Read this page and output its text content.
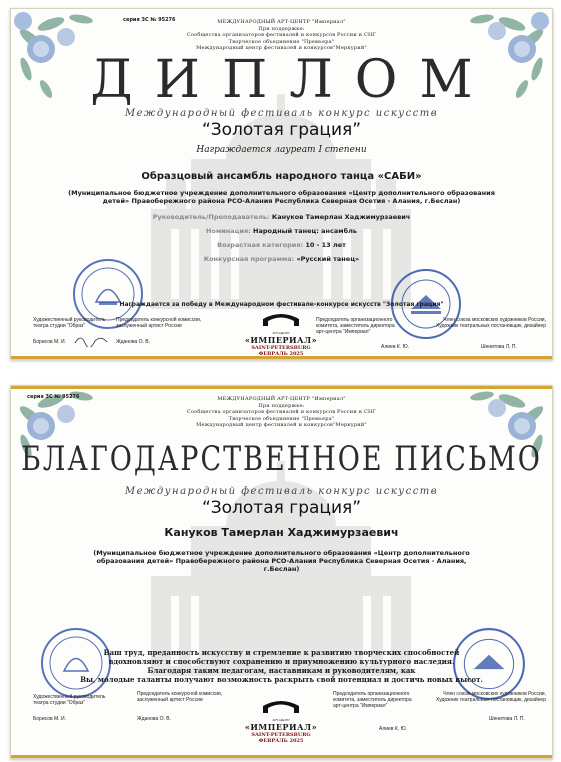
серия ЗС № 95276	МЕЖДУНАРОДНЫЙ АРТ-ЦЕНТР "Империал"
При поддержке:
Сообщества организаторов фестивалей и конкурсов России и СНГ
Творческое объединение "Премьера"
Международный центр фестивалей и конкурсов"Меркурий"
ДИПЛОМ
Международный фестиваль конкурс искусств
“Золотая грация”
Награждается лауреат I степени
Образцовый ансамбль народного танца «САБИ»
(Муниципальное бюджетное учреждение дополнительного образования «Центр дополнительного образования
детей» Правобережного района РСО-Алания Республика Северная Осетия - Алания, г.Беслан)
Руководитель/Преподаватель: Кануков Тамерлан Хаджимурзаевич
Номинация: Народный танец: ансамбль
Возрастная категория: 10 - 13 лет
Конкурсная программа: «Русский танец»
Награждается за победу в Международном фестивале-конкурсе искусств "Золотая грация"
Художественный руководитель
театра студии "Образ"
Борисов М. И.
Председатель конкурсной комиссии,
заслуженный артист России
Жданова О. В.
Председатель организационного
комитета, заместитель директора
арт-центра "Империал"
Алиев К. Ю.
Член союза московских художников России,
Художник театральных постановщик, дизайнер
Шенитова Л. П.
АРТ-ЦЕНТР
«ИМПЕРИАЛ»
SAINT-PETERSBURG
ФЕВРАЛЬ 2025
серия ЗС № 95276	МЕЖДУНАРОДНЫЙ АРТ-ЦЕНТР "Империал"
При поддержке:
Сообщества организаторов фестивалей и конкурсов России и СНГ
Творческое объединение "Премьера"
Международный центр фестивалей и конкурсов"Меркурий"
БЛАГОДАРСТВЕННОЕ ПИСЬМО
Международный фестиваль конкурс искусств
“Золотая грация”
Кануков Тамерлан Хаджимурзаевич
(Муниципальное бюджетное учреждение дополнительного образования «Центр дополнительного
образования детей» Правобережного района РСО-Алания Республика Северная Осетия - Алания,
г.Беслан)
Ваш труд, преданность искусству и стремление к развитию творческих способностей
вдохновляют и способствуют сохранению и приумножению культурного наследия.
Благодаря таким педагогам, наставникам и руководителям, как
Вы, молодые таланты получают возможность раскрыть свой потенциал и достичь новых высот.
Художественный руководитель
театра студии "Образ"
Борисов М. И.
Председатель конкурсной комиссии,
заслуженный артист России
Жданова О. В.
Председатель организационного
комитета, заместитель директора
арт-центра "Империал"
Алиев К. Ю.
Член союза московских художников России,
Художник театральных постановщик, дизайнер
Шенитова Л. П.
АРТ-ЦЕНТР
«ИМПЕРИАЛ»
SAINT-PETERSBURG
ФЕВРАЛЬ 2025
